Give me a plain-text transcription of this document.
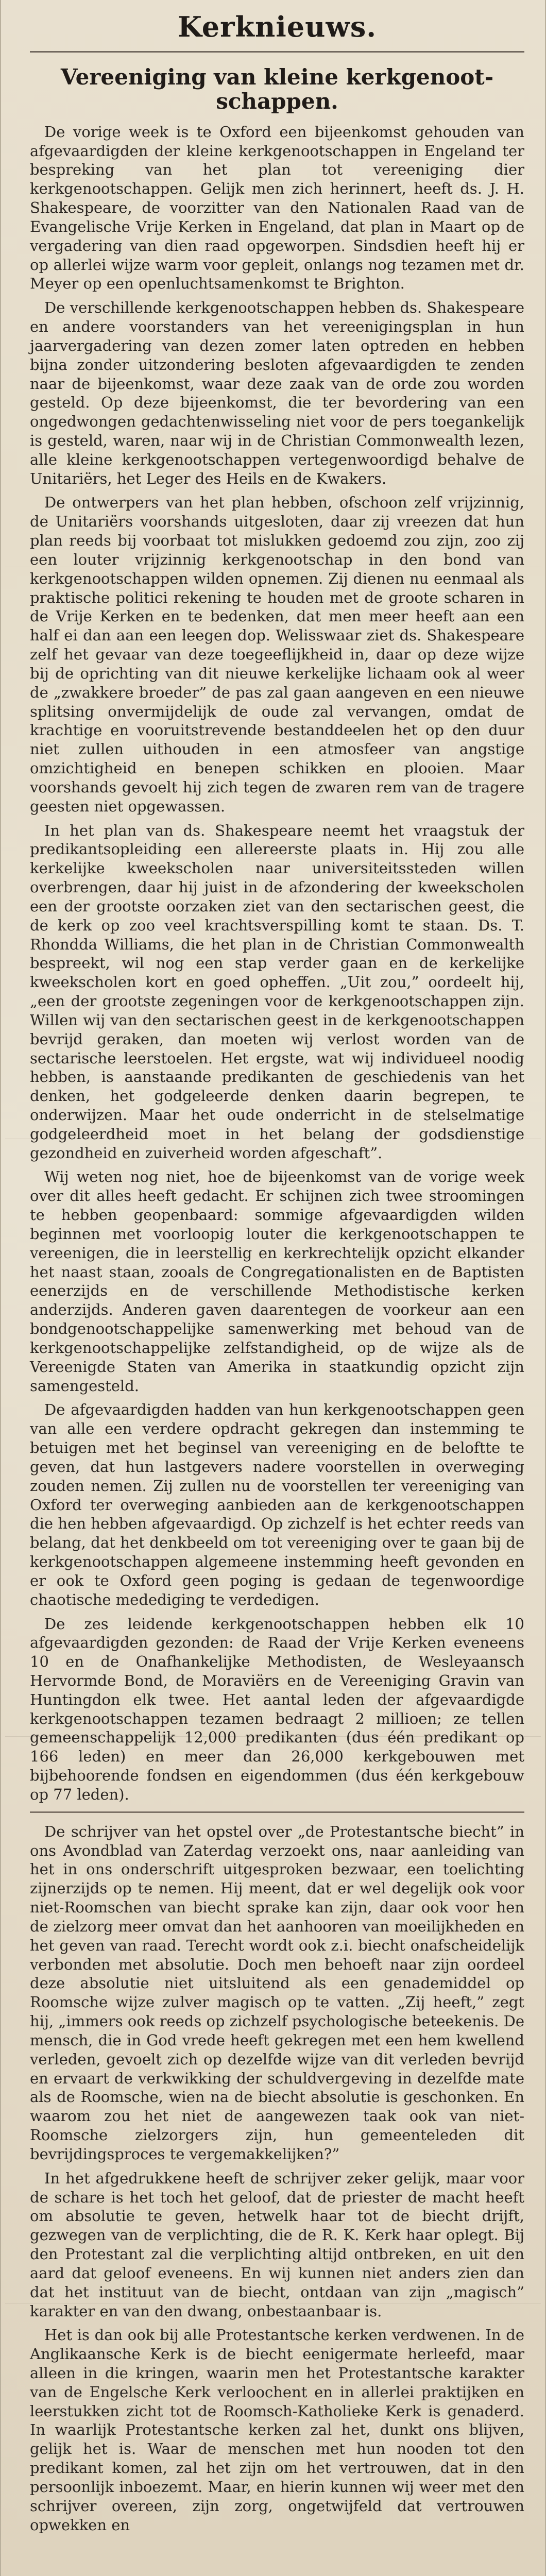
Kerknieuws.
Vereeniging van kleine kerkgenoot-
schappen.

De vorige week is te Oxford een bijeenkomst gehouden van afgevaardigden der kleine kerkgenootschappen in Engeland ter bespreking van het plan tot vereeniging dier kerkgenootschappen. Gelijk men zich herinnert, heeft ds. J. H. Shakespeare, de voorzitter van den Nationalen Raad van de Evangelische Vrije Kerken in Engeland, dat plan in Maart op de vergadering van dien raad opgeworpen. Sindsdien heeft hij er op allerlei wijze warm voor gepleit, onlangs nog tezamen met dr. Meyer op een openluchtsamenkomst te Brighton.

De verschillende kerkgenootschappen hebben ds. Shakespeare en andere voorstanders van het vereenigingsplan in hun jaarvergadering van dezen zomer laten optreden en hebben bijna zonder uitzondering besloten afgevaardigden te zenden naar de bijeenkomst, waar deze zaak van de orde zou worden gesteld. Op deze bijeenkomst, die ter bevordering van een ongedwongen gedachtenwisseling niet voor de pers toegankelijk is gesteld, waren, naar wij in de Christian Commonwealth lezen, alle kleine kerkgenootschappen vertegenwoordigd behalve de Unitariërs, het Leger des Heils en de Kwakers.

De ontwerpers van het plan hebben, ofschoon zelf vrijzinnig, de Unitariërs voorshands uitgesloten, daar zij vreezen dat hun plan reeds bij voorbaat tot mislukken gedoemd zou zijn, zoo zij een louter vrijzinnig kerkgenootschap in den bond van kerkgenootschappen wilden opnemen. Zij dienen nu eenmaal als praktische politici rekening te houden met de groote scharen in de Vrije Kerken en te bedenken, dat men meer heeft aan een half ei dan aan een leegen dop. Welisswaar ziet ds. Shakespeare zelf het gevaar van deze toegeeflijkheid in, daar op deze wijze bij de oprichting van dit nieuwe kerkelijke lichaam ook al weer de „zwakkere broeder” de pas zal gaan aangeven en een nieuwe splitsing onvermijdelijk de oude zal vervangen, omdat de krachtige en vooruitstrevende bestanddeelen het op den duur niet zullen uithouden in een atmosfeer van angstige omzichtigheid en benepen schikken en plooien. Maar voorshands gevoelt hij zich tegen de zwaren rem van de tragere geesten niet opgewassen.

In het plan van ds. Shakespeare neemt het vraagstuk der predikantsopleiding een allereerste plaats in. Hij zou alle kerkelijke kweekscholen naar universiteitssteden willen overbrengen, daar hij juist in de afzondering der kweekscholen een der grootste oorzaken ziet van den sectarischen geest, die de kerk op zoo veel krachtsverspilling komt te staan. Ds. T. Rhondda Williams, die het plan in de Christian Commonwealth bespreekt, wil nog een stap verder gaan en de kerkelijke kweekscholen kort en goed opheffen. „Uit zou,” oordeelt hij, „een der grootste zegeningen voor de kerkgenootschappen zijn. Willen wij van den sectarischen geest in de kerkgenootschappen bevrijd geraken, dan moeten wij verlost worden van de sectarische leerstoelen. Het ergste, wat wij individueel noodig hebben, is aanstaande predikanten de geschiedenis van het denken, het godgeleerde denken daarin begrepen, te onderwijzen. Maar het oude onderricht in de stelselmatige godgeleerdheid moet in het belang der godsdienstige gezondheid en zuiverheid worden afgeschaft”.

Wij weten nog niet, hoe de bijeenkomst van de vorige week over dit alles heeft gedacht. Er schijnen zich twee stroomingen te hebben geopenbaard: sommige afgevaardigden wilden beginnen met voorloopig louter die kerkgenootschappen te vereenigen, die in leerstellig en kerkrechtelijk opzicht elkander het naast staan, zooals de Congregationalisten en de Baptisten eenerzijds en de verschillende Methodistische kerken anderzijds. Anderen gaven daarentegen de voorkeur aan een bondgenootschappelijke samenwerking met behoud van de kerkgenootschappelijke zelfstandigheid, op de wijze als de Vereenigde Staten van Amerika in staatkundig opzicht zijn samengesteld.

De afgevaardigden hadden van hun kerkgenootschappen geen van alle een verdere opdracht gekregen dan instemming te betuigen met het beginsel van vereeniging en de beloftte te geven, dat hun lastgevers nadere voorstellen in overweging zouden nemen. Zij zullen nu de voorstellen ter vereeniging van Oxford ter overweging aanbieden aan de kerkgenootschappen die hen hebben afgevaardigd. Op zichzelf is het echter reeds van belang, dat het denkbeeld om tot vereeniging over te gaan bij de kerkgenootschappen algemeene instemming heeft gevonden en er ook te Oxford geen poging is gedaan de tegenwoordige chaotische medediging te verdedigen.

De zes leidende kerkgenootschappen hebben elk 10 afgevaardigden gezonden: de Raad der Vrije Kerken eveneens 10 en de Onafhankelijke Methodisten, de Wesleyaansch Hervormde Bond, de Moraviërs en de Vereeniging Gravin van Huntingdon elk twee. Het aantal leden der afgevaardigde kerkgenootschappen tezamen bedraagt 2 millioen; ze tellen gemeenschappelijk 12,000 predikanten (dus één predikant op 166 leden) en meer dan 26,000 kerkgebouwen met bijbehoorende fondsen en eigendommen (dus één kerkgebouw op 77 leden).

De schrijver van het opstel over „de Protestantsche biecht” in ons Avondblad van Zaterdag verzoekt ons, naar aanleiding van het in ons onderschrift uitgesproken bezwaar, een toelichting zijnerzijds op te nemen. Hij meent, dat er wel degelijk ook voor niet-Roomschen van biecht sprake kan zijn, daar ook voor hen de zielzorg meer omvat dan het aanhooren van moeilijkheden en het geven van raad. Terecht wordt ook z.i. biecht onafscheidelijk verbonden met absolutie. Doch men behoeft naar zijn oordeel deze absolutie niet uitsluitend als een genademiddel op Roomsche wijze zulver magisch op te vatten. „Zij heeft,” zegt hij, „immers ook reeds op zichzelf psychologische beteekenis. De mensch, die in God vrede heeft gekregen met een hem kwellend verleden, gevoelt zich op dezelfde wijze van dit verleden bevrijd en ervaart de verkwikking der schuldvergeving in dezelfde mate als de Roomsche, wien na de biecht absolutie is geschonken. En waarom zou het niet de aangewezen taak ook van niet-Roomsche zielzorgers zijn, hun gemeenteleden dit bevrijdingsproces te vergemakkelijken?”

In het afgedrukkene heeft de schrijver zeker gelijk, maar voor de schare is het toch het geloof, dat de priester de macht heeft om absolutie te geven, hetwelk haar tot de biecht drijft, gezwegen van de verplichting, die de R. K. Kerk haar oplegt. Bij den Protestant zal die verplichting altijd ontbreken, en uit den aard dat geloof eveneens. En wij kunnen niet anders zien dan dat het instituut van de biecht, ontdaan van zijn „magisch” karakter en van den dwang, onbestaanbaar is.

Het is dan ook bij alle Protestantsche kerken verdwenen. In de Anglikaansche Kerk is de biecht eenigermate herleefd, maar alleen in die kringen, waarin men het Protestantsche karakter van de Engelsche Kerk verloochent en in allerlei praktijken en leerstukken zicht tot de Roomsch-Katholieke Kerk is genaderd. In waarlijk Protestantsche kerken zal het, dunkt ons blijven, gelijk het is. Waar de menschen met hun nooden tot den predikant komen, zal het zijn om het vertrouwen, dat in den persoonlijk inboezemt. Maar, en hierin kunnen wij weer met den schrijver overeen, zijn zorg, ongetwijfeld dat vertrouwen opwekken en
